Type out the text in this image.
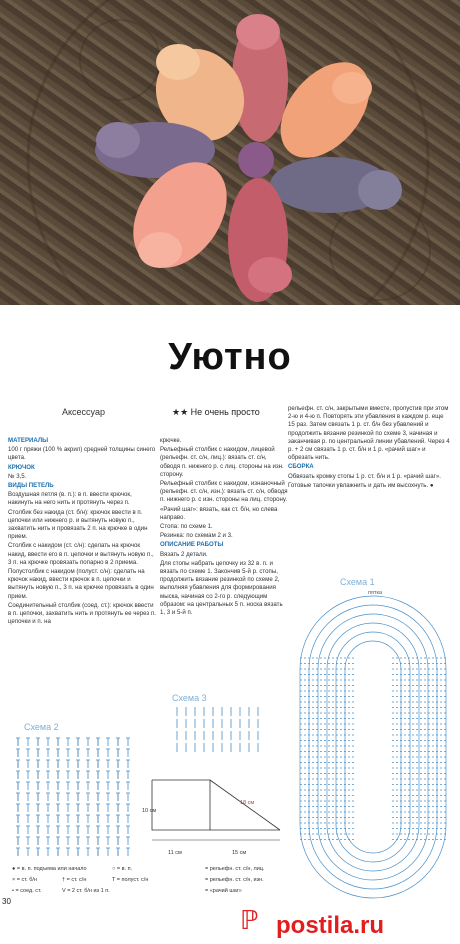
Уютно
Аксессуар	★★ Не очень просто

МАТЕРИАЛЫ

100 г пряжи (100 % акрил) средней толщины синего цвета.

КРЮЧОК

№ 3,5.

ВИДЫ ПЕТЕЛЬ

Воздушная петля (в. п.): в п. ввести крючок, накинуть на него нить и протянуть через п.

Столбик без накида (ст. б/н): крючок ввести в п. цепочки или нижнего р. и вытянуть новую п., захватить нить и провязать 2 п. на крючке в один прием.

Столбик с накидом (ст. с/н): сделать на крючок накид, ввести его в п. цепочки и вытянуть новую п., 3 п. на крючке провязать попарно в 2 приема.

Полустолбик с накидом (полуст. с/н): сделать на крючок накид, ввести крючок в п. цепочки и вытянуть новую п., 3 п. на крючке провязать в один прием.

Соединительный столбик (соед. ст.): крючок ввести в п. цепочки, захватить нить и протянуть ее через п. цепочки и п. на

крючке.

Рельефный столбик с накидом, лицевой (рельефн. ст. с/н, лиц.): вязать ст. с/н, обводя п. нижнего р. с лиц. стороны на изн. сторону.

Рельефный столбик с накидом, изнаночный (рельефн. ст. с/н, изн.): вязать ст. с/н, обводя п. нижнего р. с изн. стороны на лиц. сторону.

«Рачий шаг»: вязать, как ст. б/н, но слева направо.

Стопа: по схеме 1.

Резинка: по схемам 2 и 3.

ОПИСАНИЕ РАБОТЫ

Вязать 2 детали.

Для стопы набрать цепочку из 32 в. п. и вязать по схеме 1. Закончив 5-й р. стопы, продолжить вязание резинкой по схеме 2, выполняя убавления для формирования мыска, начиная со 2-го р. следующим образом: на центральных 5 п. носка вязать 1, 3 и 5-й п.

рельефн. ст. с/н, закрытыми вместе, пропустив при этом 2-ю и 4-ю п. Повторять эти убавления в каждом р. еще 15 раз. Затем связать 1 р. ст. б/н без убавлений и продолжить вязание резинкой по схеме 3, начиная и заканчивая р. по центральной линии убавлений. Через 4 р. + 2 см связать 1 р. ст. б/н и 1 р. «рачий шаг» и обрезать нить.

СБОРКА

Обвязать кромку стопы 1 р. ст. б/н и 1 р. «рачий шаг».

Готовые тапочки увлажнить и дать им высохнуть. ●

Схема 2
Схема 3
10 см
11 см	15 см
18 см
Схема 1
пятка
● = в. п. подъема или начало	○ = в. п.
× = ст. б/н	† = ст. с/н	T = полуст. с/н
• = соед. ст.	V = 2 ст. б/н из 1 п.
= рельефн. ст. с/н, лиц.
= рельефн. ст. с/н, изн.
= «рачий шаг»
30
ℙ postila.ru
